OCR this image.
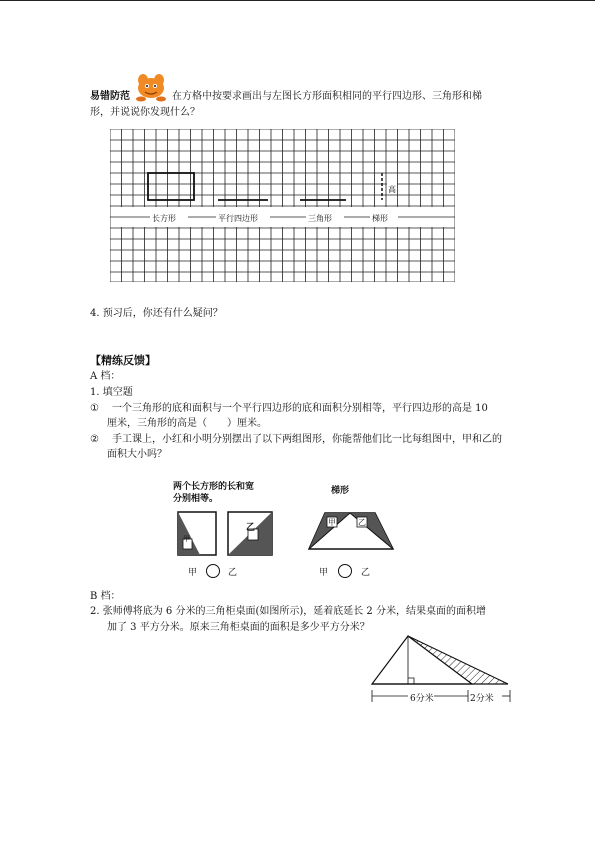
易错防范	在方格中按要求画出与左图长方形面积相同的平行四边形、三角形和梯
形，并说说你发现什么？
高
长方形	平行四边形	三角形	梯形
4. 预习后，你还有什么疑问？
【精练反馈】
A 档：
1. 填空题
① 一个三角形的底和面积与一个平行四边形的底和面积分别相等，平行四边形的高是 10
厘米，三角形的高是（　　）厘米。
② 手工课上，小红和小明分别摆出了以下两组图形，你能帮他们比一比每组图中，甲和乙的
面积大小吗？
两个长方形的长和宽
分别相等。
乙
甲
甲	乙
梯形
甲	乙
甲	乙
B 档：
2. 张师傅将底为 6 分米的三角柜桌面(如图所示)，延着底延长 2 分米，结果桌面的面积增
加了 3 平方分米。原来三角柜桌面的面积是多少平方分米？
6分米	2分米
